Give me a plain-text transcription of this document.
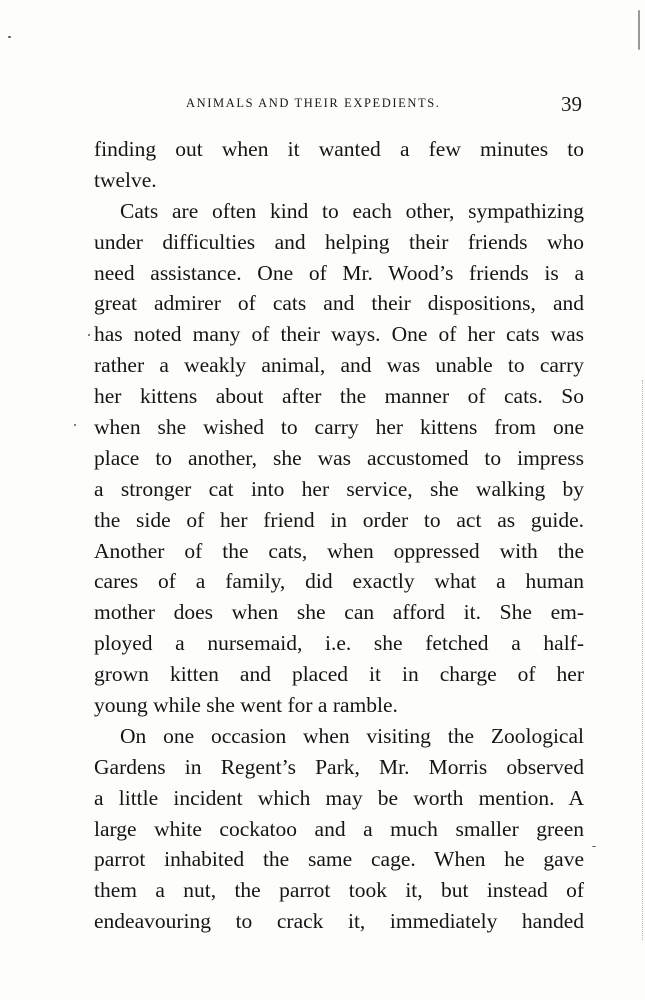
ANIMALS AND THEIR EXPEDIENTS.	39
finding out when it wanted a few minutes to
twelve.
Cats are often kind to each other, sympathizing
under difficulties and helping their friends who
need assistance. One of Mr. Wood’s friends is a
great admirer of cats and their dispositions, and
has noted many of their ways. One of her cats was
rather a weakly animal, and was unable to carry
her kittens about after the manner of cats. So
when she wished to carry her kittens from one
place to another, she was accustomed to impress
a stronger cat into her service, she walking by
the side of her friend in order to act as guide.
Another of the cats, when oppressed with the
cares of a family, did exactly what a human
mother does when she can afford it. She em-
ployed a nursemaid, i.e. she fetched a half-
grown kitten and placed it in charge of her
young while she went for a ramble.
On one occasion when visiting the Zoological
Gardens in Regent’s Park, Mr. Morris observed
a little incident which may be worth mention. A
large white cockatoo and a much smaller green
parrot inhabited the same cage. When he gave
them a nut, the parrot took it, but instead of
endeavouring to crack it, immediately handed
